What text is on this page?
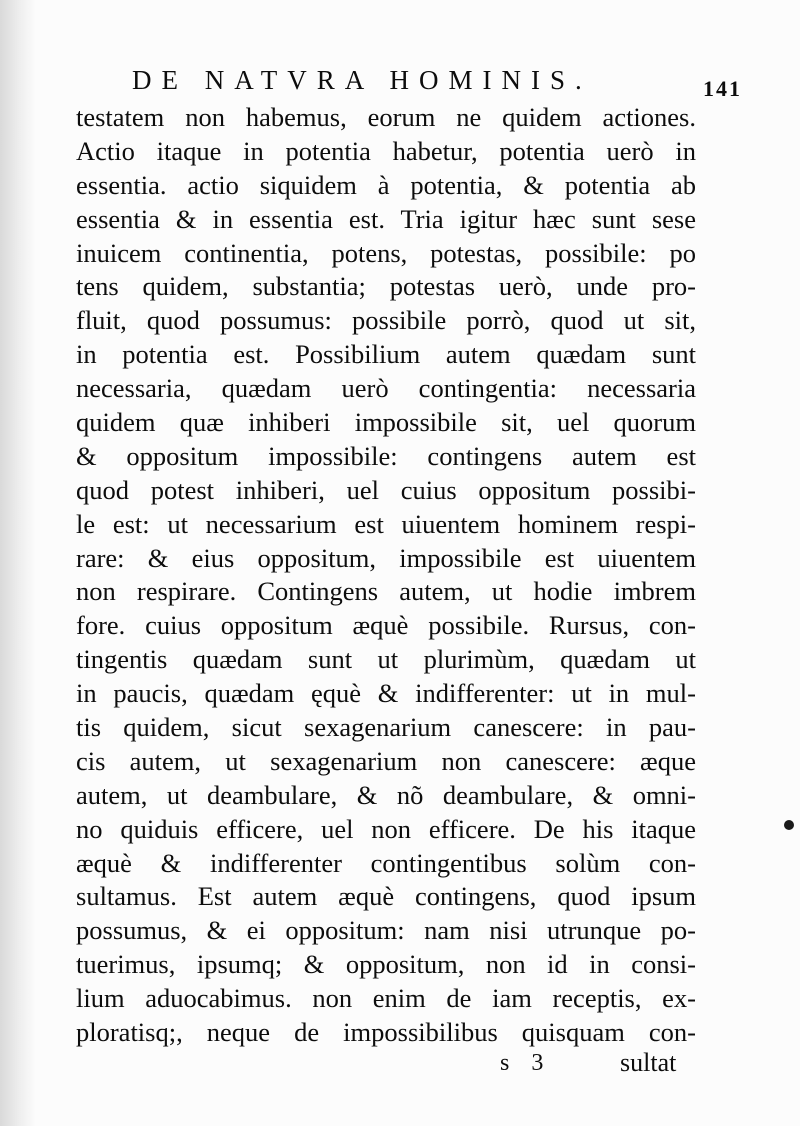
DE NATVRA HOMINIS.	141
testatem non habemus, eorum ne quidem actiones.
Actio itaque in potentia habetur, potentia uerò in
essentia. actio siquidem à potentia, & potentia ab
essentia & in essentia est. Tria igitur hæc sunt sese
inuicem continentia, potens, potestas, possibile: po
tens quidem, substantia; potestas uerò, unde pro-
fluit, quod possumus: possibile porrò, quod ut sit,
in potentia est. Possibilium autem quædam sunt
necessaria, quædam uerò contingentia: necessaria
quidem quæ inhiberi impossibile sit, uel quorum
& oppositum impossibile: contingens autem est
quod potest inhiberi, uel cuius oppositum possibi-
le est: ut necessarium est uiuentem hominem respi-
rare: & eius oppositum, impossibile est uiuentem
non respirare. Contingens autem, ut hodie imbrem
fore. cuius oppositum æquè possibile. Rursus, con-
tingentis quædam sunt ut plurimùm, quædam ut
in paucis, quædam ęquè & indifferenter: ut in mul-
tis quidem, sicut sexagenarium canescere: in pau-
cis autem, ut sexagenarium non canescere: æque
autem, ut deambulare, & nõ deambulare, & omni-
no quiduis efficere, uel non efficere. De his itaque
æquè & indifferenter contingentibus solùm con-
sultamus. Est autem æquè contingens, quod ipsum
possumus, & ei oppositum: nam nisi utrunque po-
tuerimus, ipsumq; & oppositum, non id in consi-
lium aduocabimus. non enim de iam receptis, ex-
ploratisq;, neque de impossibilibus quisquam con-
s 3	sultat
